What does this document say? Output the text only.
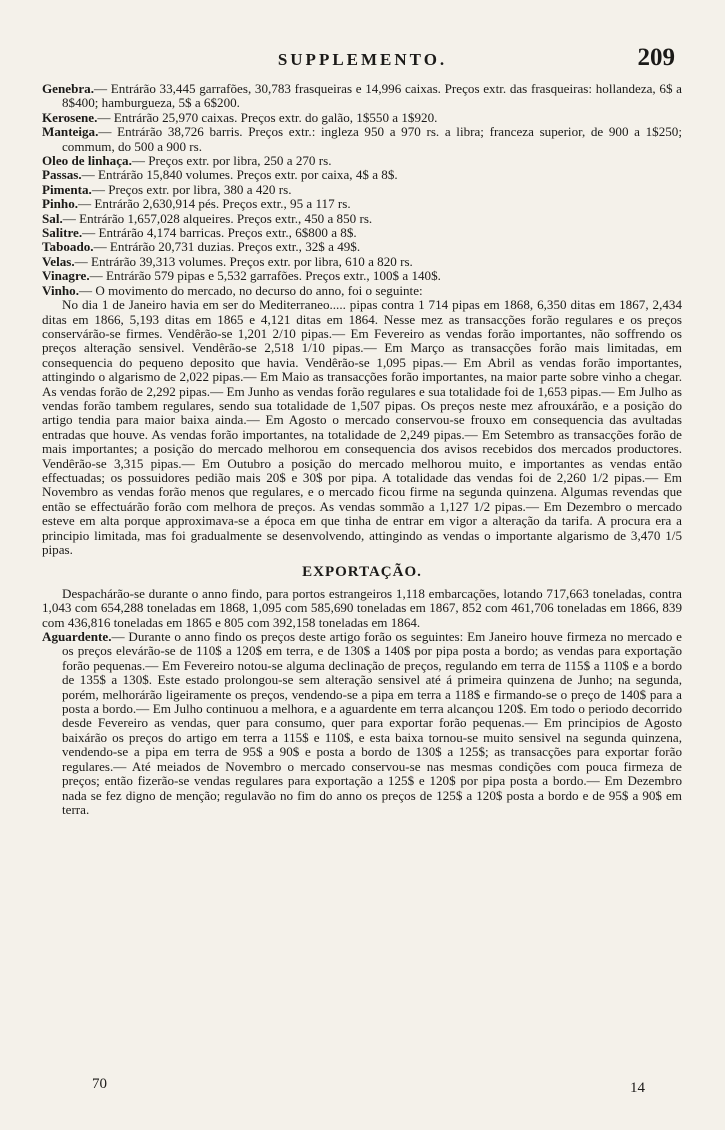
SUPPLEMENTO.	209

Genebra.— Entrárão 33,445 garrafões, 30,783 frasqueiras e 14,996 caixas. Preços extr. das frasqueiras: hollandeza, 6$ a 8$400; hamburgueza, 5$ a 6$200.

Kerosene.— Entrárão 25,970 caixas. Preços extr. do galão, 1$550 a 1$920.

Manteiga.— Entrárão 38,726 barris. Preços extr.: ingleza 950 a 970 rs. a libra; franceza superior, de 900 a 1$250; commum, do 500 a 900 rs.

Oleo de linhaça.— Preços extr. por libra, 250 a 270 rs.

Passas.— Entrárão 15,840 volumes. Preços extr. por caixa, 4$ a 8$.

Pimenta.— Preços extr. por libra, 380 a 420 rs.

Pinho.— Entrárão 2,630,914 pés. Preços extr., 95 a 117 rs.

Sal.— Entrárão 1,657,028 alqueires. Preços extr., 450 a 850 rs.

Salitre.— Entrárão 4,174 barricas. Preços extr., 6$800 a 8$.

Taboado.— Entrárão 20,731 duzias. Preços extr., 32$ a 49$.

Velas.— Entrárão 39,313 volumes. Preços extr. por libra, 610 a 820 rs.

Vinagre.— Entrárão 579 pipas e 5,532 garrafões. Preços extr., 100$ a 140$.

Vinho.— O movimento do mercado, no decurso do anno, foi o seguinte:

No dia 1 de Janeiro havia em ser do Mediterraneo..... pipas contra 1 714 pipas em 1868, 6,350 ditas em 1867, 2,434 ditas em 1866, 5,193 ditas em 1865 e 4,121 ditas em 1864. Nesse mez as transacções forão regulares e os preços conservárão-se firmes. Vendêrão-se 1,201 2/10 pipas.— Em Fevereiro as vendas forão importantes, não soffrendo os preços alteração sensivel. Vendêrão-se 2,518 1/10 pipas.— Em Março as transacções forão mais limitadas, em consequencia do pequeno deposito que havia. Vendêrão-se 1,095 pipas.— Em Abril as vendas forão importantes, attingindo o algarismo de 2,022 pipas.— Em Maio as transacções forão importantes, na maior parte sobre vinho a chegar. As vendas forão de 2,292 pipas.— Em Junho as vendas forão regulares e sua totalidade foi de 1,653 pipas.— Em Julho as vendas forão tambem regulares, sendo sua totalidade de 1,507 pipas. Os preços neste mez afrouxárão, e a posição do artigo tendia para maior baixa ainda.— Em Agosto o mercado conservou-se frouxo em consequencia das avultadas entradas que houve. As vendas forão importantes, na totalidade de 2,249 pipas.— Em Setembro as transacções forão de mais importantes; a posição do mercado melhorou em consequencia dos avisos recebidos dos mercados productores. Vendêrão-se 3,315 pipas.— Em Outubro a posição do mercado melhorou muito, e importantes as vendas então effectuadas; os possuidores pedião mais 20$ e 30$ por pipa. A totalidade das vendas foi de 2,260 1/2 pipas.— Em Novembro as vendas forão menos que regulares, e o mercado ficou firme na segunda quinzena. Algumas revendas que então se effectuárão forão com melhora de preços. As vendas sommão a 1,127 1/2 pipas.— Em Dezembro o mercado esteve em alta porque approximava-se a época em que tinha de entrar em vigor a alteração da tarifa. A procura era a principio limitada, mas foi gradualmente se desenvolvendo, attingindo as vendas o importante algarismo de 3,470 1/5 pipas.

EXPORTAÇÃO.

Despachárão-se durante o anno findo, para portos estrangeiros 1,118 embarcações, lotando 717,663 toneladas, contra 1,043 com 654,288 toneladas em 1868, 1,095 com 585,690 toneladas em 1867, 852 com 461,706 toneladas em 1866, 839 com 436,816 toneladas em 1865 e 805 com 392,158 toneladas em 1864.

Aguardente.— Durante o anno findo os preços deste artigo forão os seguintes: Em Janeiro houve firmeza no mercado e os preços elevárão-se de 110$ a 120$ em terra, e de 130$ a 140$ por pipa posta a bordo; as vendas para exportação forão pequenas.— Em Fevereiro notou-se alguma declinação de preços, regulando em terra de 115$ a 110$ e a bordo de 135$ a 130$. Este estado prolongou-se sem alteração sensivel até á primeira quinzena de Junho; na segunda, porém, melhorárão ligeiramente os preços, vendendo-se a pipa em terra a 118$ e firmando-se o preço de 140$ para a posta a bordo.— Em Julho continuou a melhora, e a aguardente em terra alcançou 120$. Em todo o periodo decorrido desde Fevereiro as vendas, quer para consumo, quer para exportar forão pequenas.— Em principios de Agosto baixárão os preços do artigo em terra a 115$ e 110$, e esta baixa tornou-se muito sensivel na segunda quinzena, vendendo-se a pipa em terra de 95$ a 90$ e posta a bordo de 130$ a 125$; as transacções para exportar forão regulares.— Até meiados de Novembro o mercado conservou-se nas mesmas condições com pouca firmeza de preços; então fizerão-se vendas regulares para exportação a 125$ e 120$ por pipa posta a bordo.— Em Dezembro nada se fez digno de menção; regulavão no fim do anno os preços de 125$ a 120$ posta a bordo e de 95$ a 90$ em terra.

70	14
